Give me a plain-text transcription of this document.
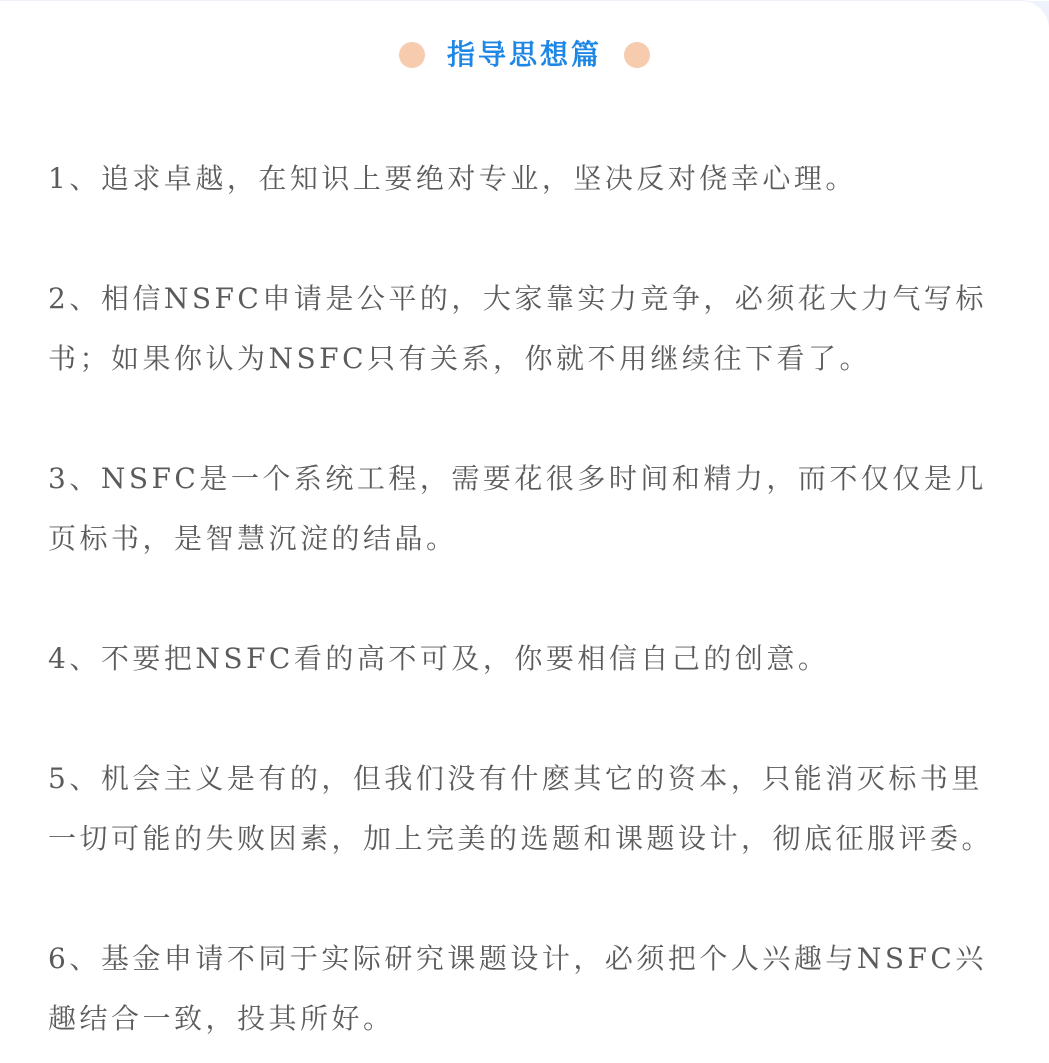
指导思想篇

1、追求卓越，在知识上要绝对专业，坚决反对侥幸心理。

2、相信NSFC申请是公平的，大家靠实力竞争，必须花大力气写标书；如果你认为NSFC只有关系，你就不用继续往下看了。

3、NSFC是一个系统工程，需要花很多时间和精力，而不仅仅是几页标书，是智慧沉淀的结晶。

4、不要把NSFC看的高不可及，你要相信自己的创意。

5、机会主义是有的，但我们没有什麽其它的资本，只能消灭标书里一切可能的失败因素，加上完美的选题和课题设计，彻底征服评委。

6、基金申请不同于实际研究课题设计，必须把个人兴趣与NSFC兴趣结合一致，投其所好。
